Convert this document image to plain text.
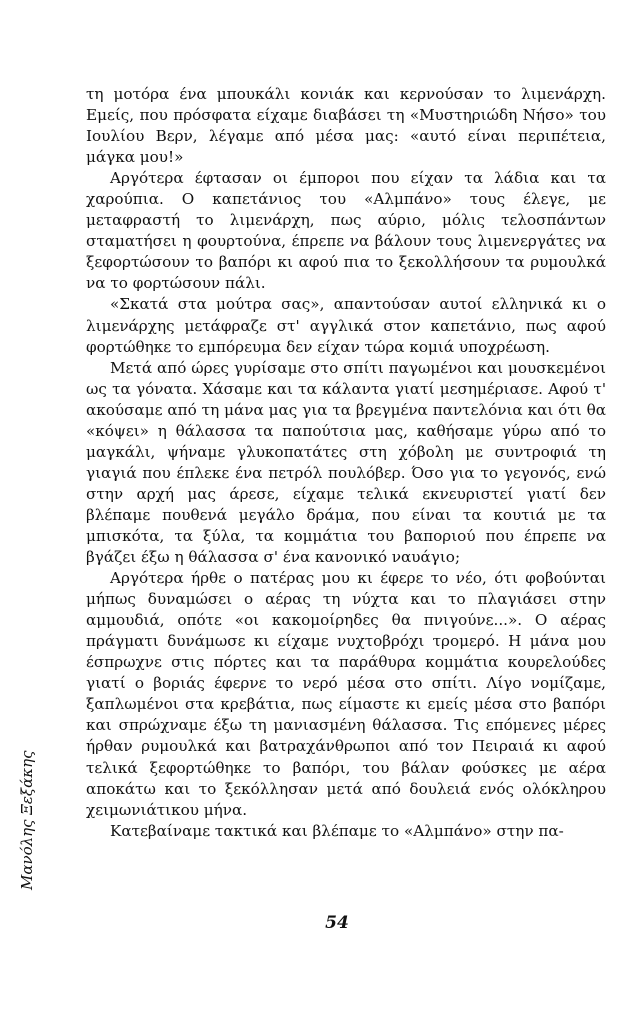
Μανόλης Ξεξάκης

τη μοτόρα ένα μπουκάλι κονιάκ και κερνούσαν το λιμενάρχη. Εμείς, που πρόσφατα είχαμε διαβάσει τη «Μυστηριώδη Νήσο» του Ιουλίου Βερν, λέγαμε από μέσα μας: «αυτό είναι περιπέτεια, μάγκα μου!»

Αργότερα έφτασαν οι έμποροι που είχαν τα λάδια και τα χαρούπια. Ο καπετάνιος του «Αλμπάνο» τους έλεγε, με μεταφραστή το λιμενάρχη, πως αύριο, μόλις τελοσπάντων σταματήσει η φουρτούνα, έπρεπε να βάλουν τους λιμενεργάτες να ξεφορτώσουν το βαπόρι κι αφού πια το ξεκολλήσουν τα ρυμουλκά να το φορτώσουν πάλι.

«Σκατά στα μούτρα σας», απαντούσαν αυτοί ελληνικά κι ο λιμενάρχης μετάφραζε στ' αγγλικά στον καπετάνιο, πως αφού φορτώθηκε το εμπόρευμα δεν είχαν τώρα κομιά υποχρέωση.

Μετά από ώρες γυρίσαμε στο σπίτι παγωμένοι και μουσκεμένοι ως τα γόνατα. Χάσαμε και τα κάλαντα γιατί μεσημέριασε. Αφού τ' ακούσαμε από τη μάνα μας για τα βρεγμένα παντελόνια και ότι θα «κόψει» η θάλασσα τα παπούτσια μας, καθήσαμε γύρω από το μαγκάλι, ψήναμε γλυκοπατάτες στη χόβολη με συντροφιά τη γιαγιά που έπλεκε ένα πετρόλ πουλόβερ. Όσο για το γεγονός, ενώ στην αρχή μας άρεσε, είχαμε τελικά εκνευριστεί γιατί δεν βλέπαμε πουθενά μεγάλο δράμα, που είναι τα κουτιά με τα μπισκότα, τα ξύλα, τα κομμάτια του βαποριού που έπρεπε να βγάζει έξω η θάλασσα σ' ένα κανονικό ναυάγιο;

Αργότερα ήρθε ο πατέρας μου κι έφερε το νέο, ότι φοβούνται μήπως δυναμώσει ο αέρας τη νύχτα και το πλαγιάσει στην αμμουδιά, οπότε «οι κακομοίρηδες θα πνιγούνε...». Ο αέρας πράγματι δυνάμωσε κι είχαμε νυχτοβρόχι τρομερό. Η μάνα μου έσπρωχνε στις πόρτες και τα παράθυρα κομμάτια κουρελούδες γιατί ο βοριάς έφερνε το νερό μέσα στο σπίτι. Λίγο νομίζαμε, ξαπλωμένοι στα κρεβάτια, πως είμαστε κι εμείς μέσα στο βαπόρι και σπρώχναμε έξω τη μανιασμένη θάλασσα. Τις επόμενες μέρες ήρθαν ρυμουλκά και βατραχάνθρωποι από τον Πειραιά κι αφού τελικά ξεφορτώθηκε το βαπόρι, του βάλαν φούσκες με αέρα αποκάτω και το ξεκόλλησαν μετά από δουλειά ενός ολόκληρου χειμωνιάτικου μήνα.

Κατεβαίναμε τακτικά και βλέπαμε το «Αλμπάνο» στην πα-

54
